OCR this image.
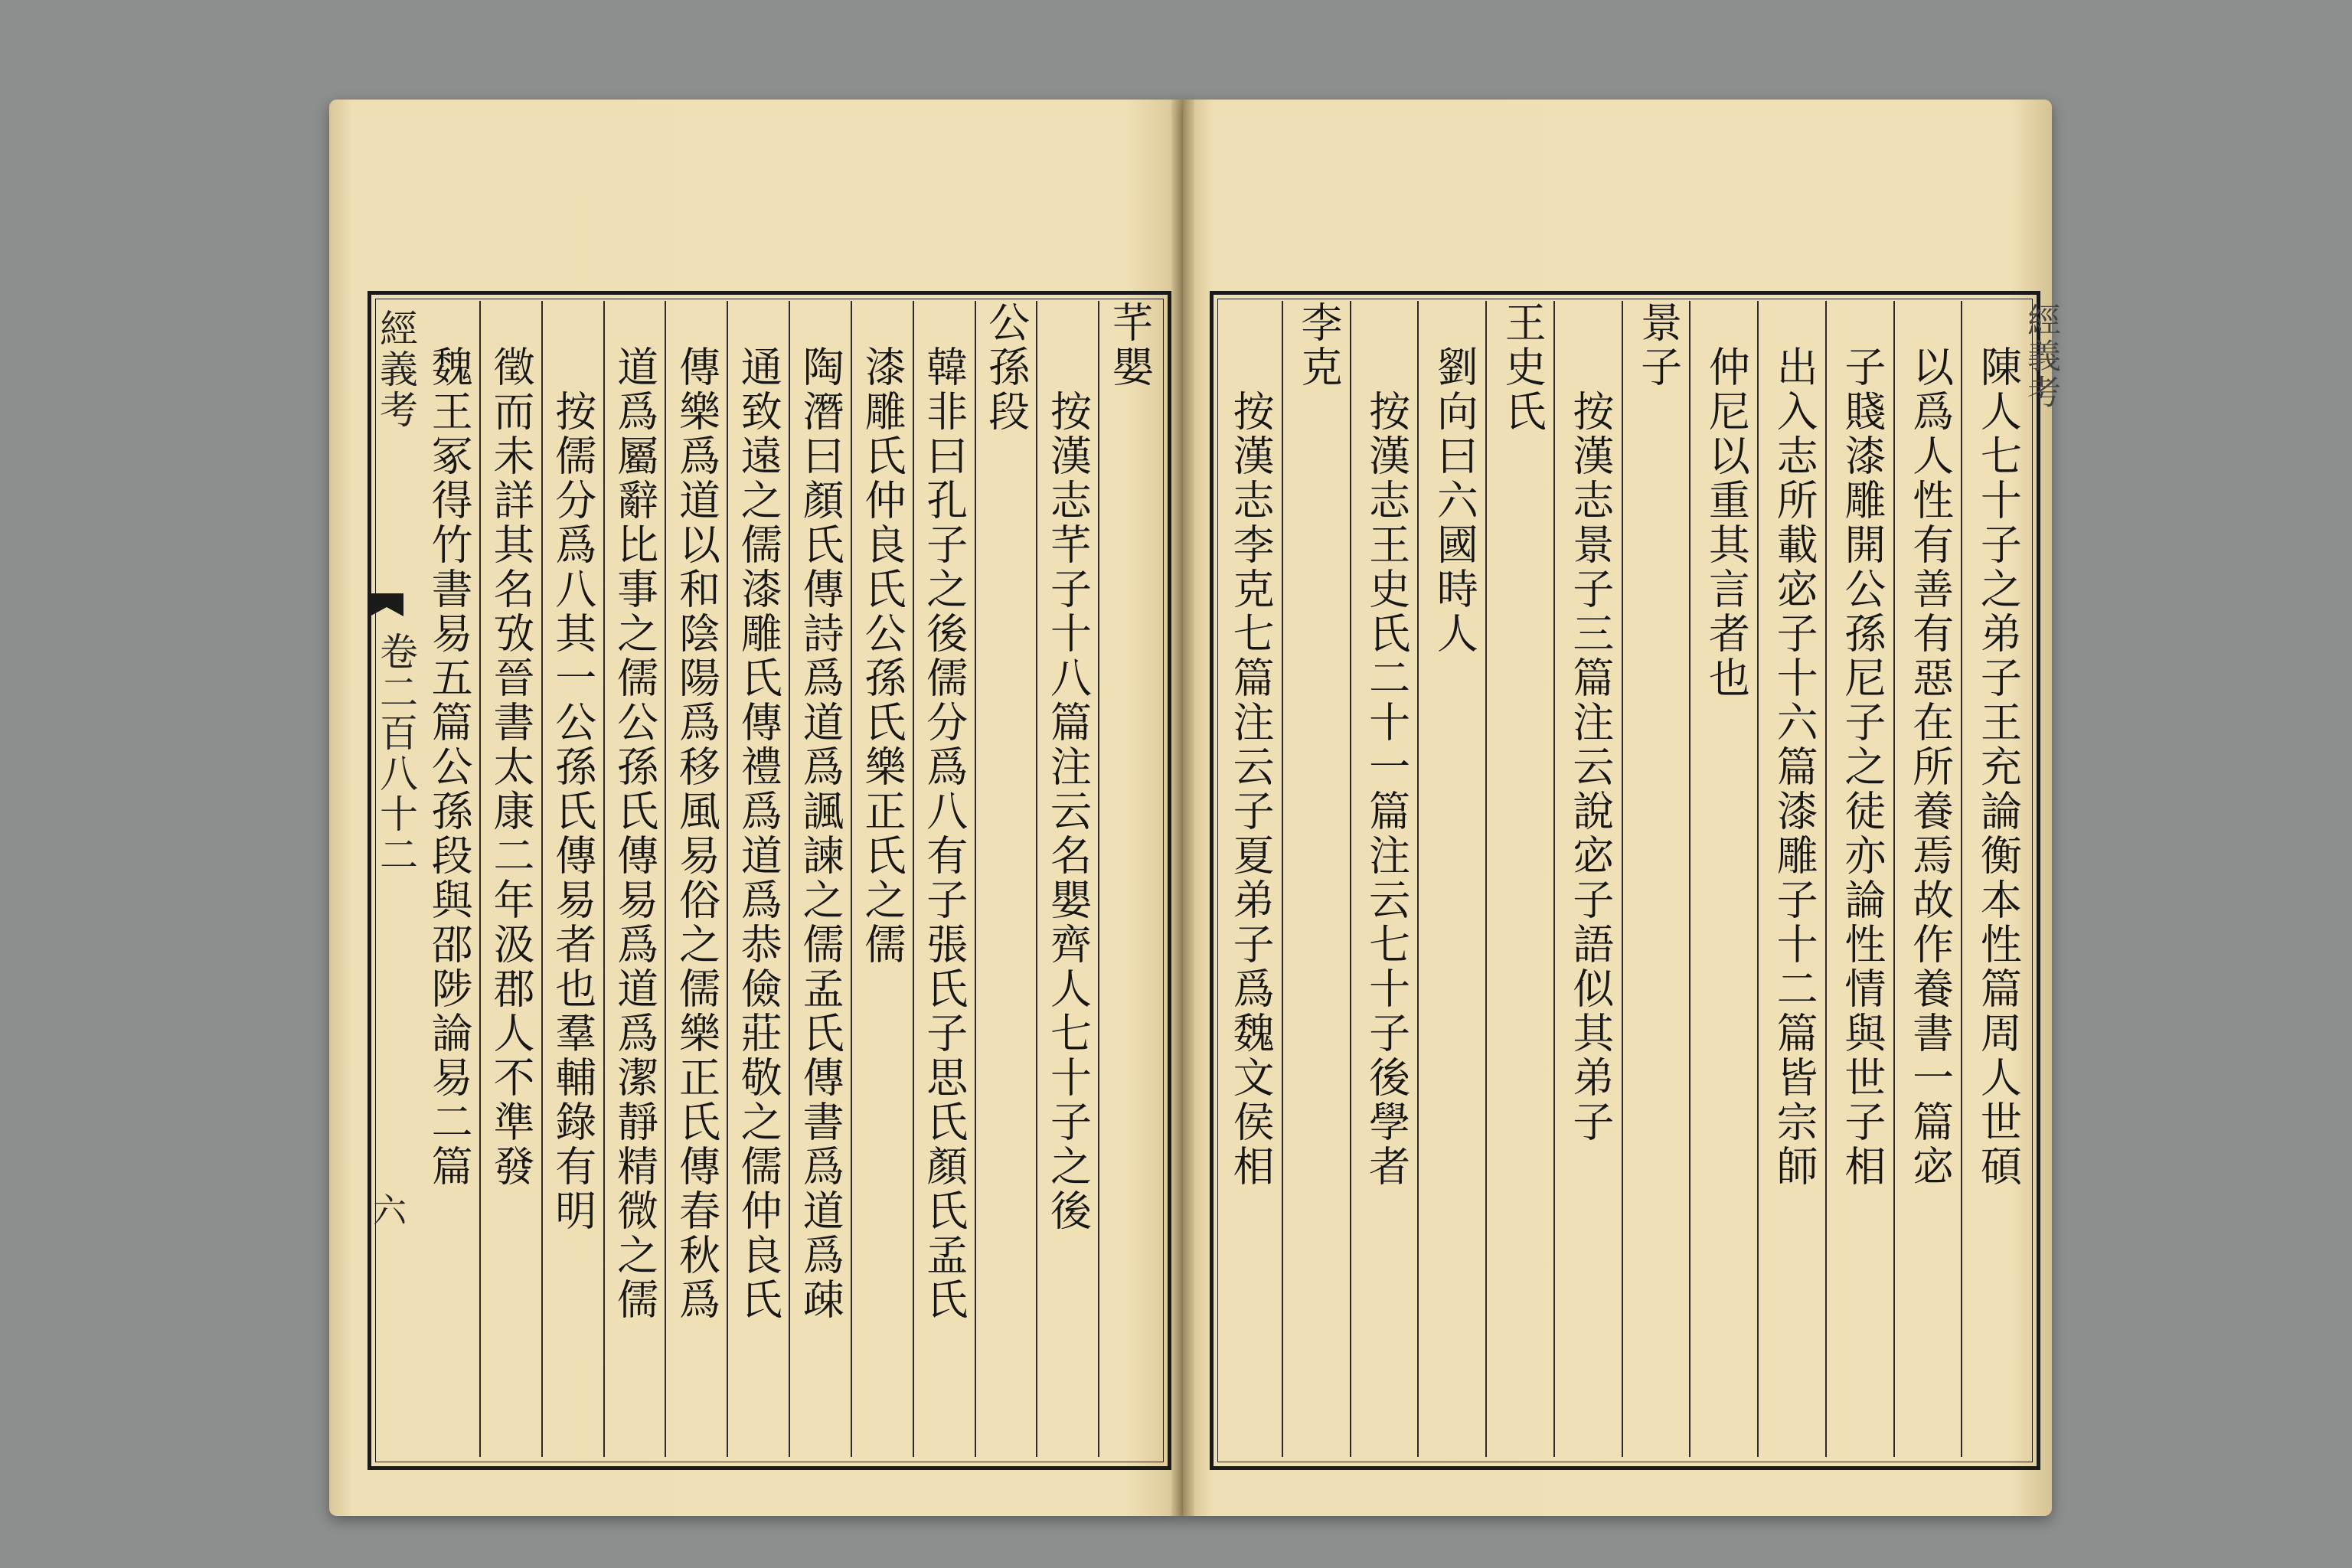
芊嬰
　　按漢志芊子十八篇注云名嬰齊人七十子之後
公孫段
　韓非曰孔子之後儒分爲八有子張氏子思氏顏氏孟氏
　漆雕氏仲良氏公孫氏樂正氏之儒
　陶潛曰顏氏傳詩爲道爲諷諫之儒孟氏傳書爲道爲疎
　通致遠之儒漆雕氏傳禮爲道爲恭儉莊敬之儒仲良氏
　傳樂爲道以和陰陽爲移風易俗之儒樂正氏傳春秋爲
　道爲屬辭比事之儒公孫氏傳易爲道爲潔靜精微之儒
　　按儒分爲八其一公孫氏傳易者也羣輔錄有明
　徵而未詳其名攷晉書太康二年汲郡人不準發
　魏王冢得竹書易五篇公孫段與邵陟論易二篇
經義考
卷二百八十二
六
　陳人七十子之弟子王充論衡本性篇周人世碩
　以爲人性有善有惡在所養焉故作養書一篇宓
　子賤漆雕開公孫尼子之徒亦論性情與世子相
　出入志所載宓子十六篇漆雕子十二篇皆宗師
　仲尼以重其言者也
景子
　　按漢志景子三篇注云說宓子語似其弟子
王史氏
　劉向曰六國時人
　　按漢志王史氏二十一篇注云七十子後學者
李克
　　按漢志李克七篇注云子夏弟子爲魏文侯相	經義考
